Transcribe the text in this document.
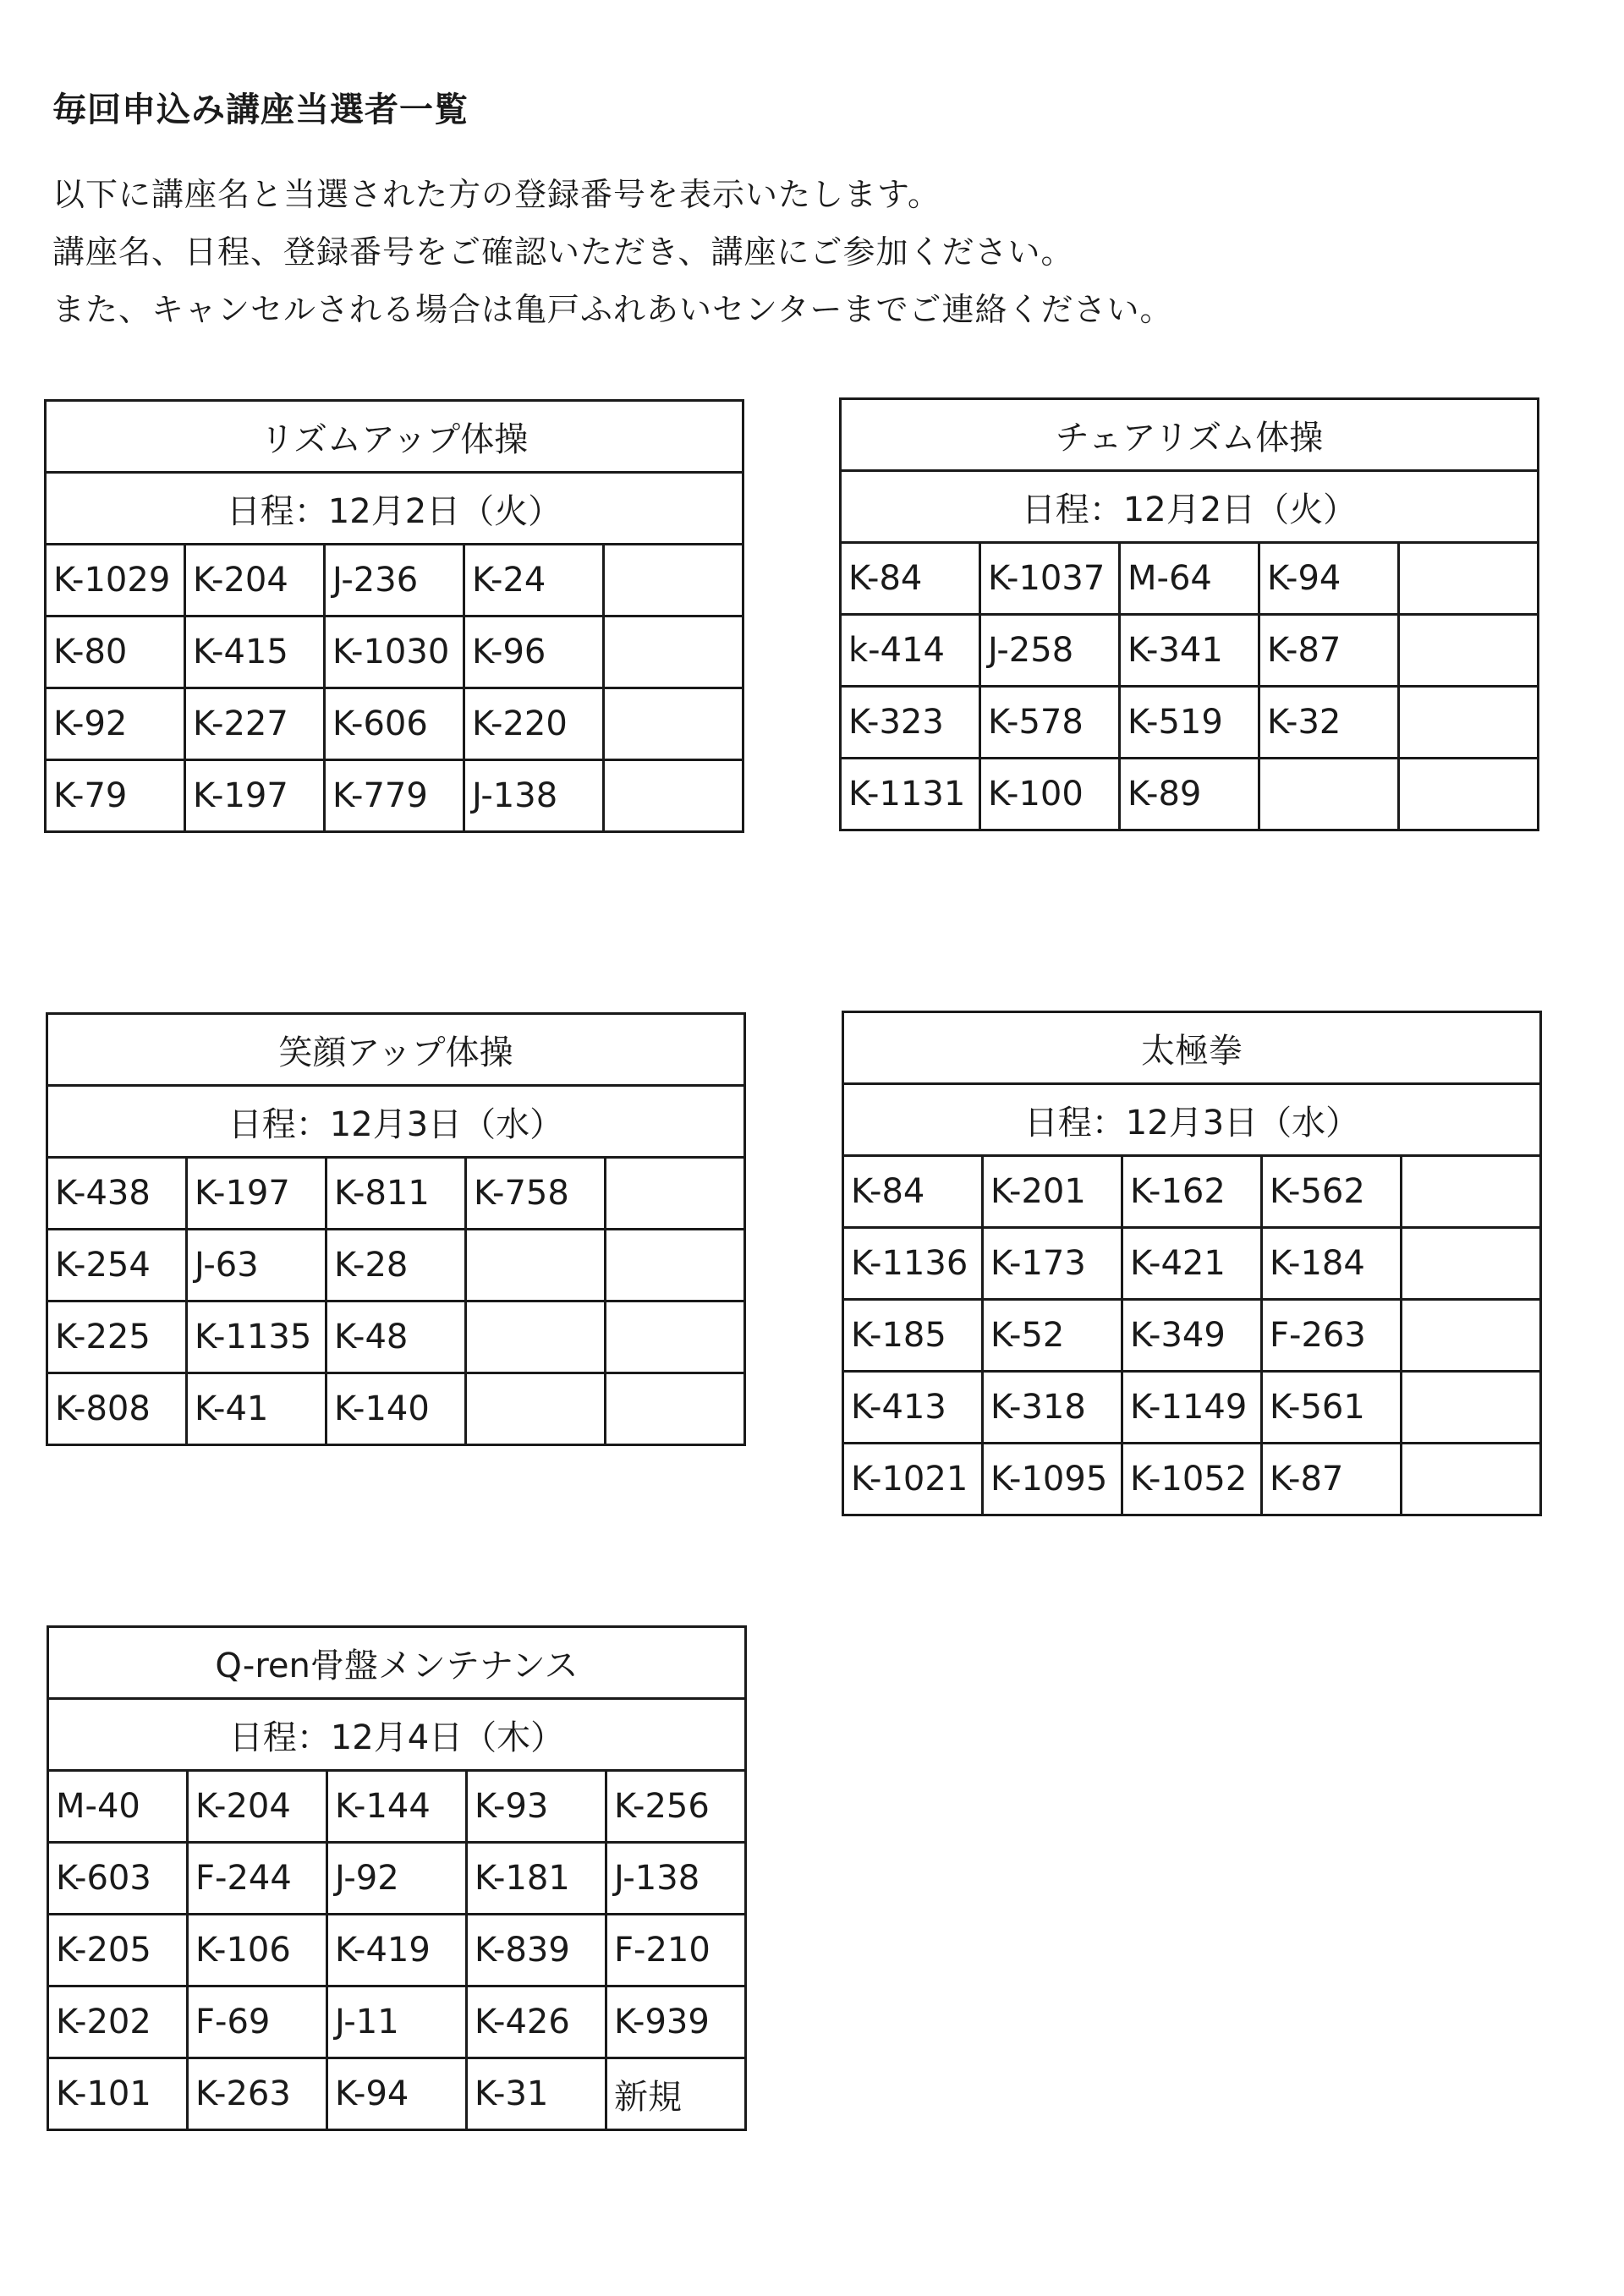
毎回申込み講座当選者一覧
以下に講座名と当選された方の登録番号を表示いたします。
講座名、日程、登録番号をご確認いただき、講座にご参加ください。
また、キャンセルされる場合は亀戸ふれあいセンターまでご連絡ください。
リズムアップ体操				
日程：12月2日（火）				
K-1029	K-204	J-236	K-24	
K-80	K-415	K-1030	K-96	
K-92	K-227	K-606	K-220	
K-79	K-197	K-779	J-138	
チェアリズム体操				
日程：12月2日（火）				
K-84	K-1037	M-64	K-94	
k-414	J-258	K-341	K-87	
K-323	K-578	K-519	K-32	
K-1131	K-100	K-89		
笑顔アップ体操				
日程：12月3日（水）				
K-438	K-197	K-811	K-758	
K-254	J-63	K-28		
K-225	K-1135	K-48		
K-808	K-41	K-140		
太極拳				
日程：12月3日（水）				
K-84	K-201	K-162	K-562	
K-1136	K-173	K-421	K-184	
K-185	K-52	K-349	F-263	
K-413	K-318	K-1149	K-561	
K-1021	K-1095	K-1052	K-87	
Q-ren骨盤メンテナンス				
日程：12月4日（木）				
M-40	K-204	K-144	K-93	K-256
K-603	F-244	J-92	K-181	J-138
K-205	K-106	K-419	K-839	F-210
K-202	F-69	J-11	K-426	K-939
K-101	K-263	K-94	K-31	新規
